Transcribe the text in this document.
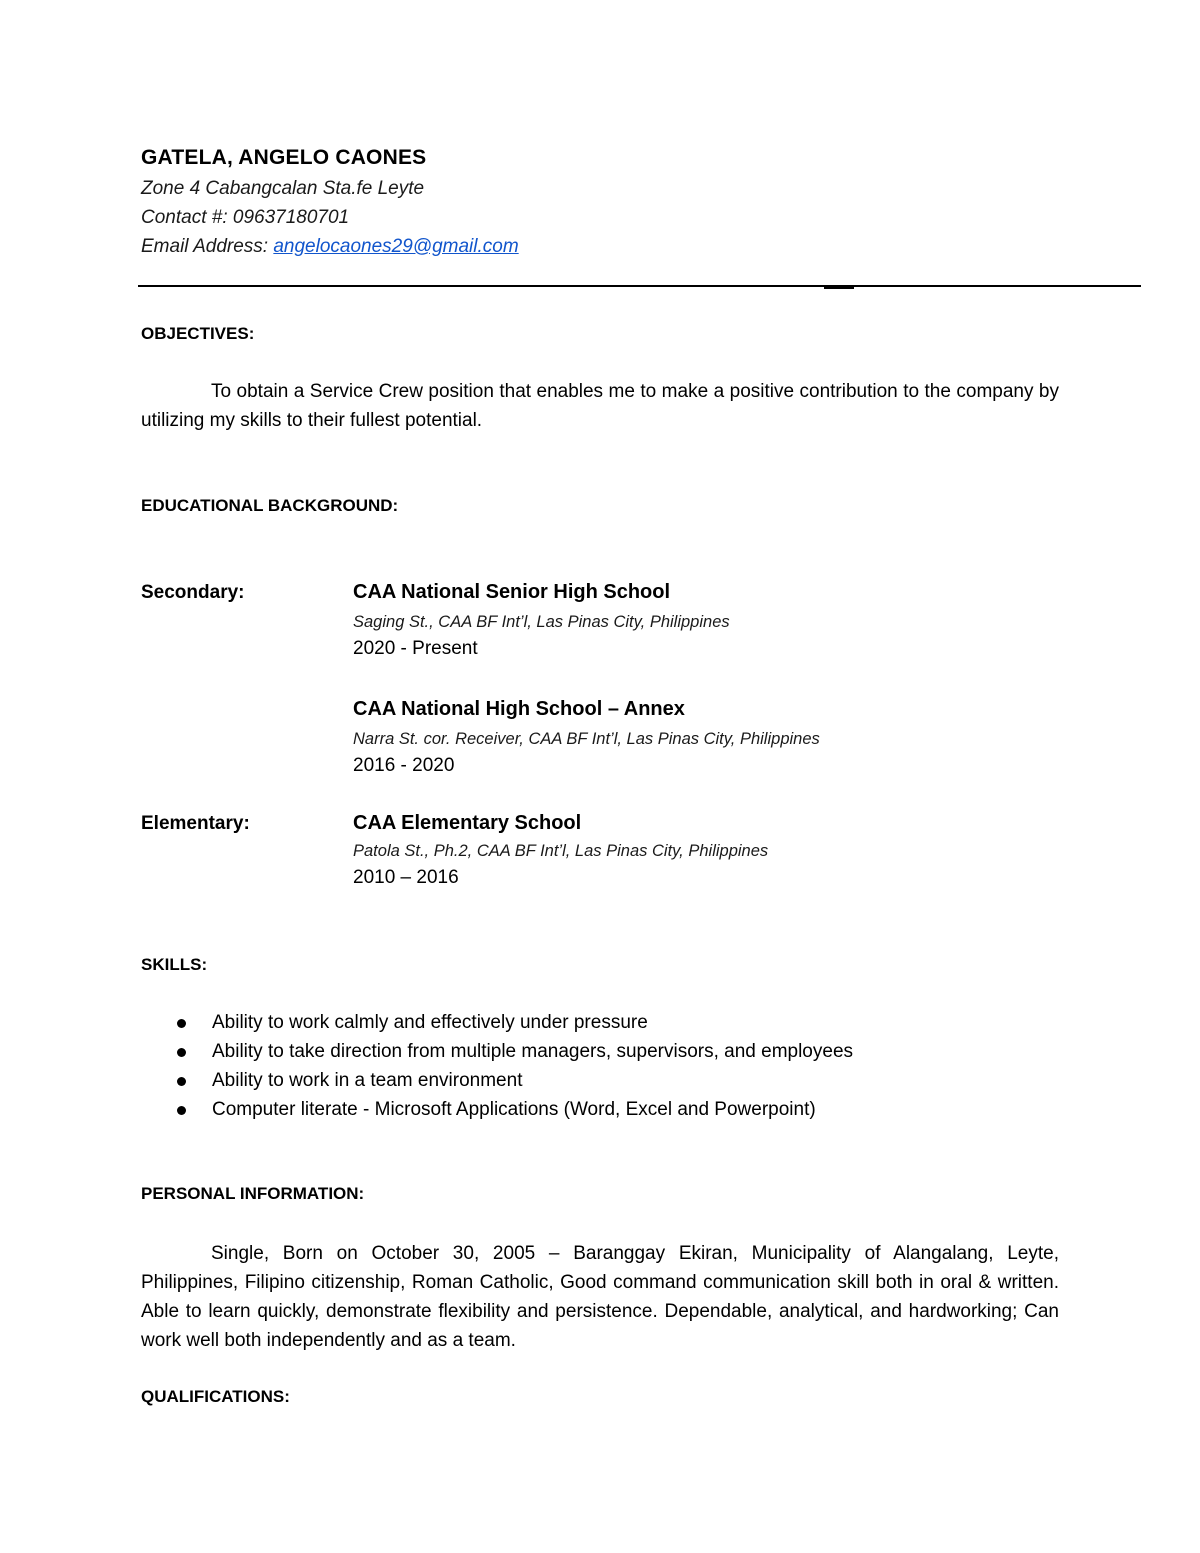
GATELA, ANGELO CAONES
Zone 4 Cabangcalan Sta.fe Leyte
Contact #: 09637180701
Email Address: angelocaones29@gmail.com
OBJECTIVES:
To obtain a Service Crew position that enables me to make a positive contribution to the company by utilizing my skills to their fullest potential.
EDUCATIONAL BACKGROUND:
Secondary:	CAA National Senior High School
Saging St., CAA BF Int’l, Las Pinas City, Philippines
2020 - Present
CAA National High School – Annex
Narra St. cor. Receiver, CAA BF Int’l, Las Pinas City, Philippines
2016 - 2020
Elementary:	CAA Elementary School
Patola St., Ph.2, CAA BF Int’l, Las Pinas City, Philippines
2010 – 2016
SKILLS:
Ability to work calmly and effectively under pressure
Ability to take direction from multiple managers, supervisors, and employees
Ability to work in a team environment
Computer literate - Microsoft Applications (Word, Excel and Powerpoint)
PERSONAL INFORMATION:
Single, Born on October 30, 2005 – Baranggay Ekiran, Municipality of Alangalang, Leyte, Philippines, Filipino citizenship, Roman Catholic, Good command communication skill both in oral & written. Able to learn quickly, demonstrate flexibility and persistence. Dependable, analytical, and hardworking; Can work well both independently and as a team.
QUALIFICATIONS:
